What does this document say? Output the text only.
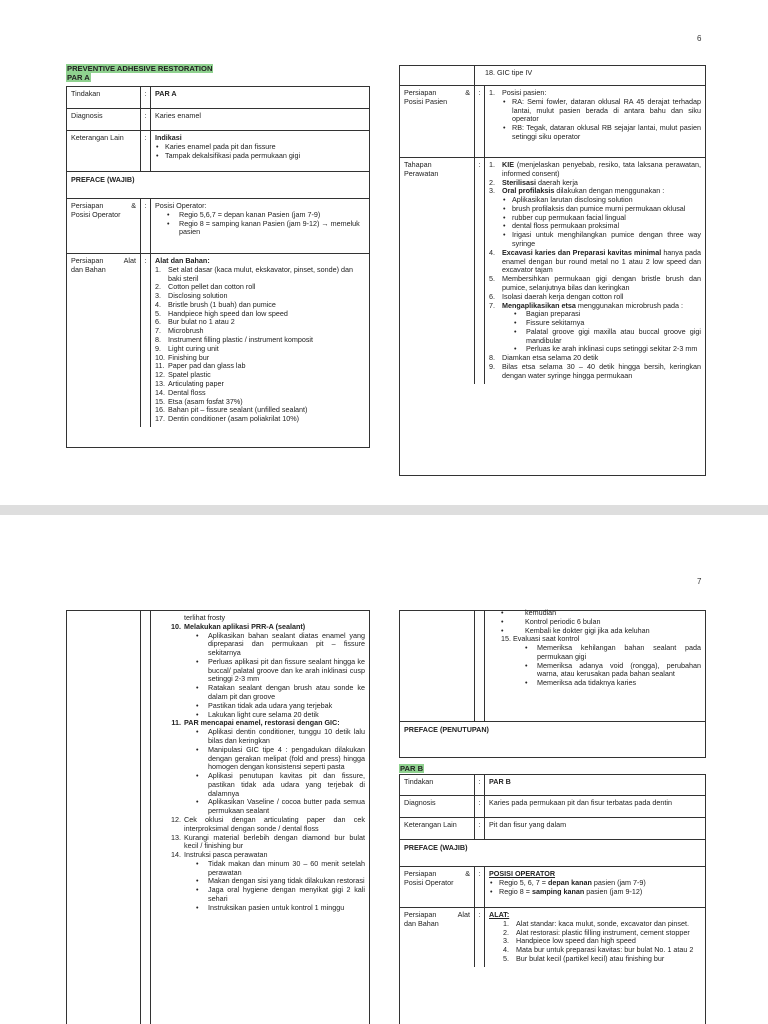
6
PREVENTIVE ADHESIVE RESTORATION
PAR A
Tindakan	:	PAR A
Diagnosis	:	Karies enamel
Keterangan Lain	:	Indikasi
• Karies enamel pada pit dan fissure
• Tampak dekalsifikasi pada permukaan gigi
PREFACE (WAJIB)
Persiapan	&
Posisi Operator
:	Posisi Operator:
• Regio 5,6,7 = depan kanan Pasien (jam 7-9)
• Regio 8 = samping kanan Pasien (jam 9-12) → memeluk pasien
Persiapan	Alat
dan Bahan
:	Alat dan Bahan:
1. Set alat dasar (kaca mulut, ekskavator, pinset, sonde) dan baki steril
2. Cotton pellet dan cotton roll
3. Disclosing solution
4. Bristle brush (1 buah) dan pumice
5. Handpiece high speed dan low speed
6. Bur bulat no 1 atau 2
7. Microbrush
8. Instrument filling plastic / instrument komposit
9. Light curing unit
10. Finishing bur
11. Paper pad dan glass lab
12. Spatel plastic
13. Articulating paper
14. Dental floss
15. Etsa (asam fosfat 37%)
16. Bahan pit – fissure sealant (unfilled sealant)
17. Dentin conditioner (asam poliakrilat 10%)
18. GIC tipe IV
Persiapan	&
Posisi Pasien
:	1. Posisi pasien:
• RA: Semi fowler, dataran oklusal RA 45 derajat terhadap lantai, mulut pasien berada di antara bahu dan siku operator
• RB: Tegak, dataran oklusal RB sejajar lantai, mulut pasien setinggi siku operator
Tahapan
Perawatan
:	1. KIE (menjelaskan penyebab, resiko, tata laksana perawatan, informed consent)
2. Sterilisasi daerah kerja
3. Oral profilaksis dilakukan dengan menggunakan :
• Aplikasikan larutan disclosing solution
• brush profilaksis dan pumice murni permukaan oklusal
• rubber cup permukaan facial lingual
• dental floss permukaan proksimal
• Irigasi untuk menghilangkan pumice dengan three way syringe
4. Excavasi karies dan Preparasi kavitas minimal hanya pada enamel dengan bur round metal no 1 atau 2 low speed dan excavator tajam
5. Membersihkan permukaan gigi dengan bristle brush dan pumice, selanjutnya bilas dan keringkan
6. Isolasi daerah kerja dengan cotton roll
7. Mengaplikasikan etsa menggunakan microbrush pada :
• Bagian preparasi
• Fissure sekitarnya
• Palatal groove gigi maxilla atau buccal groove gigi mandibular
• Perluas ke arah inklinasi cups setinggi sekitar 2-3 mm
8. Diamkan etsa selama 20 detik
9. Bilas etsa selama 30 – 40 detik hingga bersih, keringkan dengan water syringe hingga permukaan
7
terlihat frosty
10. Melakukan aplikasi PRR-A (sealant)
• Aplikasikan bahan sealant diatas enamel yang dipreparasi dan permukaan pit – fissure sekitarnya
• Perluas aplikasi pit dan fissure sealant hingga ke buccal/ palatal groove dan ke arah inklinasi cusp setinggi 2-3 mm
• Ratakan sealant dengan brush atau sonde ke dalam pit dan groove
• Pastikan tidak ada udara yang terjebak
• Lakukan light cure selama 20 detik
11. PAR mencapai enamel, restorasi dengan GIC:
• Aplikasi dentin conditioner, tunggu 10 detik lalu bilas dan keringkan
• Manipulasi GIC tipe 4 : pengadukan dilakukan dengan gerakan melipat (fold and press) hingga homogen dengan konsistensi seperti pasta
• Aplikasi penutupan kavitas pit dan fissure, pastikan tidak ada udara yang terjebak di dalamnya
• Aplikasikan Vaseline / cocoa butter pada semua permukaan sealant
12. Cek oklusi dengan articulating paper dan cek interproksimal dengan sonde / dental floss
13. Kurangi material berlebih dengan diamond bur bulat kecil / finishing bur
14. Instruksi pasca perawatan
• Tidak makan dan minum 30 – 60 menit setelah perawatan
• Makan dengan sisi yang tidak dilakukan restorasi
• Jaga oral hygiene dengan menyikat gigi 2 kali sehari
• Instruksikan pasien untuk kontrol 1 minggu
• kemudian
• Kontrol periodic 6 bulan
• Kembali ke dokter gigi jika ada keluhan
15. Evaluasi saat kontrol
• Memeriksa kehilangan bahan sealant pada permukaan gigi
• Memeriksa adanya void (rongga), perubahan warna, atau kerusakan pada bahan sealant
• Memeriksa ada tidaknya karies
PREFACE (PENUTUPAN)
PAR B
Tindakan	:	PAR B
Diagnosis	:	Karies pada permukaan pit dan fisur terbatas pada dentin
Keterangan Lain	:	Pit dan fisur yang dalam
PREFACE (WAJIB)
Persiapan	&
Posisi Operator
:	POSISI OPERATOR
• Regio 5, 6, 7 = depan kanan pasien (jam 7-9)
• Regio 8 = samping kanan pasien (jam 9-12)
Persiapan	Alat
dan Bahan
:	ALAT:
1. Alat standar: kaca mulut, sonde, excavator dan pinset.
2. Alat restorasi: plastic filling instrument, cement stopper
3. Handpiece low speed dan high speed
4. Mata bur untuk preparasi kavitas: bur bulat No. 1 atau 2
5. Bur bulat kecil (partikel kecil) atau finishing bur
